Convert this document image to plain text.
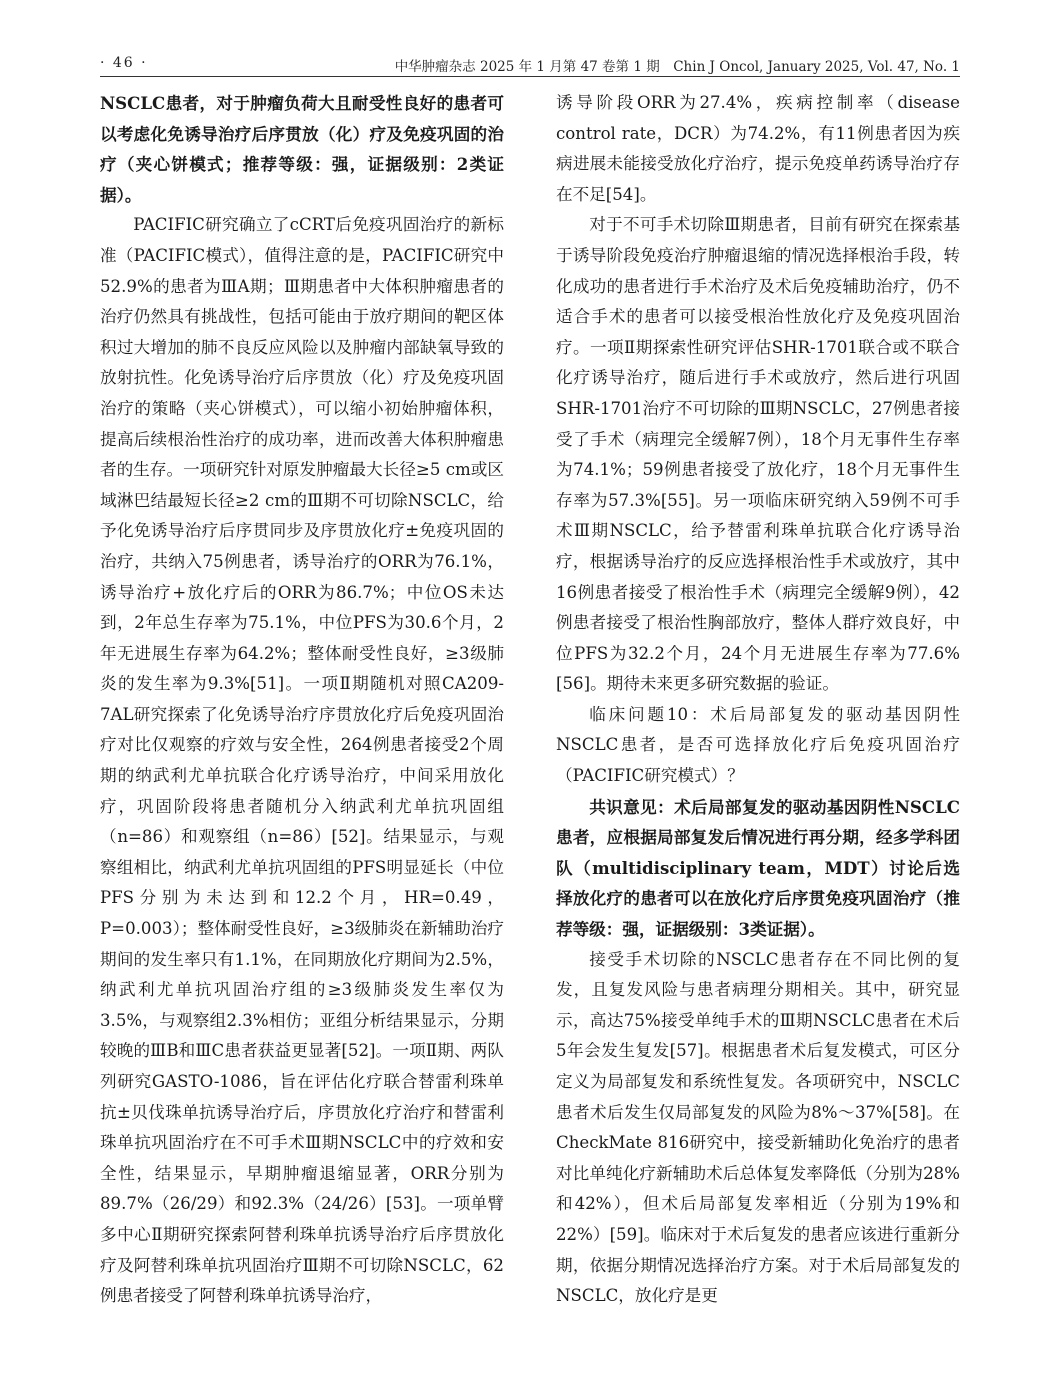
· 46 ·	中华肿瘤杂志 2025 年 1 月第 47 卷第 1 期　Chin J Oncol, January 2025, Vol. 47, No. 1

NSCLC患者，对于肿瘤负荷大且耐受性良好的患者可以考虑化免诱导治疗后序贯放（化）疗及免疫巩固的治疗（夹心饼模式；推荐等级：强，证据级别：2类证据）。

PACIFIC研究确立了cCRT后免疫巩固治疗的新标准（PACIFIC模式），值得注意的是，PACIFIC研究中52.9%的患者为ⅢA期；Ⅲ期患者中大体积肿瘤患者的治疗仍然具有挑战性，包括可能由于放疗期间的靶区体积过大增加的肺不良反应风险以及肿瘤内部缺氧导致的放射抗性。化免诱导治疗后序贯放（化）疗及免疫巩固治疗的策略（夹心饼模式），可以缩小初始肿瘤体积，提高后续根治性治疗的成功率，进而改善大体积肿瘤患者的生存。一项研究针对原发肿瘤最大长径≥5 cm或区域淋巴结最短长径≥2 cm的Ⅲ期不可切除NSCLC，给予化免诱导治疗后序贯同步及序贯放化疗±免疫巩固的治疗，共纳入75例患者，诱导治疗的ORR为76.1%，诱导治疗+放化疗后的ORR为86.7%；中位OS未达到，2年总生存率为75.1%，中位PFS为30.6个月，2年无进展生存率为64.2%；整体耐受性良好，≥3级肺炎的发生率为9.3%[51]。一项Ⅱ期随机对照CA209-7AL研究探索了化免诱导治疗序贯放化疗后免疫巩固治疗对比仅观察的疗效与安全性，264例患者接受2个周期的纳武利尤单抗联合化疗诱导治疗，中间采用放化疗，巩固阶段将患者随机分入纳武利尤单抗巩固组（n=86）和观察组（n=86）[52]。结果显示，与观察组相比，纳武利尤单抗巩固组的PFS明显延长（中位PFS分别为未达到和12.2个月，HR=0.49，P=0.003）；整体耐受性良好，≥3级肺炎在新辅助治疗期间的发生率只有1.1%，在同期放化疗期间为2.5%，纳武利尤单抗巩固治疗组的≥3级肺炎发生率仅为3.5%，与观察组2.3%相仿；亚组分析结果显示，分期较晚的ⅢB和ⅢC患者获益更显著[52]。一项Ⅱ期、两队列研究GASTO-1086，旨在评估化疗联合替雷利珠单抗±贝伐珠单抗诱导治疗后，序贯放化疗治疗和替雷利珠单抗巩固治疗在不可手术Ⅲ期NSCLC中的疗效和安全性，结果显示，早期肿瘤退缩显著，ORR分别为89.7%（26/29）和92.3%（24/26）[53]。一项单臂多中心Ⅱ期研究探索阿替利珠单抗诱导治疗后序贯放化疗及阿替利珠单抗巩固治疗Ⅲ期不可切除NSCLC，62例患者接受了阿替利珠单抗诱导治疗，

诱导阶段ORR为27.4%，疾病控制率（disease control rate，DCR）为74.2%，有11例患者因为疾病进展未能接受放化疗治疗，提示免疫单药诱导治疗存在不足[54]。

对于不可手术切除Ⅲ期患者，目前有研究在探索基于诱导阶段免疫治疗肿瘤退缩的情况选择根治手段，转化成功的患者进行手术治疗及术后免疫辅助治疗，仍不适合手术的患者可以接受根治性放化疗及免疫巩固治疗。一项Ⅱ期探索性研究评估SHR-1701联合或不联合化疗诱导治疗，随后进行手术或放疗，然后进行巩固SHR-1701治疗不可切除的Ⅲ期NSCLC，27例患者接受了手术（病理完全缓解7例），18个月无事件生存率为74.1%；59例患者接受了放化疗，18个月无事件生存率为57.3%[55]。另一项临床研究纳入59例不可手术Ⅲ期NSCLC，给予替雷利珠单抗联合化疗诱导治疗，根据诱导治疗的反应选择根治性手术或放疗，其中16例患者接受了根治性手术（病理完全缓解9例），42例患者接受了根治性胸部放疗，整体人群疗效良好，中位PFS为32.2个月，24个月无进展生存率为77.6%[56]。期待未来更多研究数据的验证。

临床问题10：术后局部复发的驱动基因阴性NSCLC患者，是否可选择放化疗后免疫巩固治疗（PACIFIC研究模式）？

共识意见：术后局部复发的驱动基因阴性NSCLC患者，应根据局部复发后情况进行再分期，经多学科团队（multidisciplinary team，MDT）讨论后选择放化疗的患者可以在放化疗后序贯免疫巩固治疗（推荐等级：强，证据级别：3类证据）。

接受手术切除的NSCLC患者存在不同比例的复发，且复发风险与患者病理分期相关。其中，研究显示，高达75%接受单纯手术的Ⅲ期NSCLC患者在术后5年会发生复发[57]。根据患者术后复发模式，可区分定义为局部复发和系统性复发。各项研究中，NSCLC患者术后发生仅局部复发的风险为8%～37%[58]。在CheckMate 816研究中，接受新辅助化免治疗的患者对比单纯化疗新辅助术后总体复发率降低（分别为28%和42%），但术后局部复发率相近（分别为19%和22%）[59]。临床对于术后复发的患者应该进行重新分期，依据分期情况选择治疗方案。对于术后局部复发的NSCLC，放化疗是更
